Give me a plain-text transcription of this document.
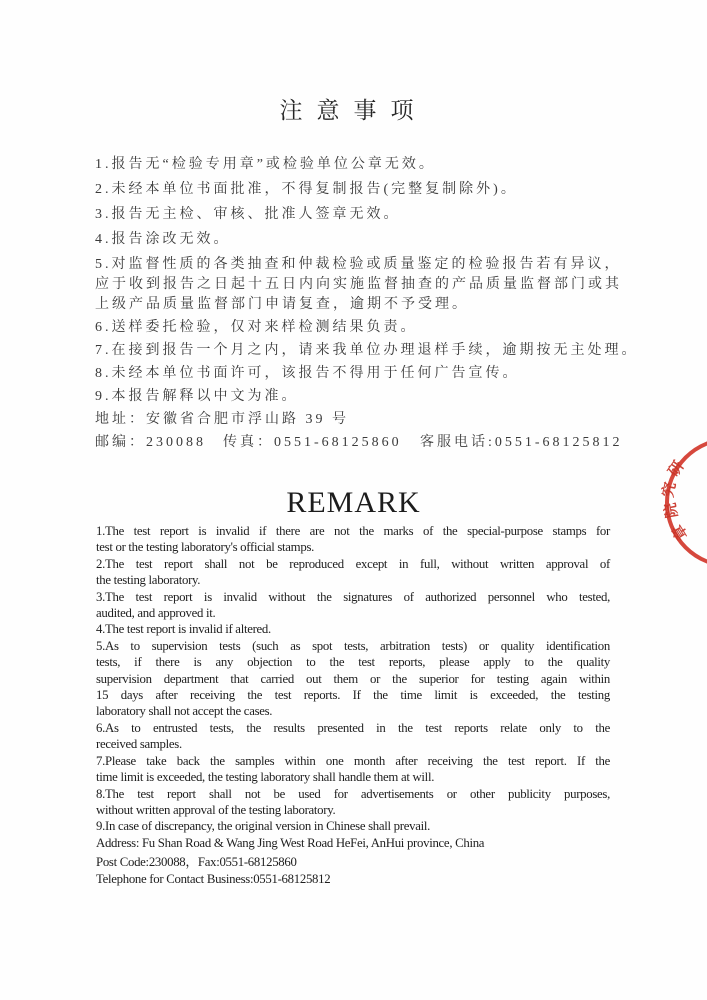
注意事项
1.报告无“检验专用章”或检验单位公章无效。
2.未经本单位书面批准，不得复制报告(完整复制除外)。
3.报告无主检、审核、批准人签章无效。
4.报告涂改无效。
5.对监督性质的各类抽查和仲裁检验或质量鉴定的检验报告若有异议，
应于收到报告之日起十五日内向实施监督抽查的产品质量监督部门或其
上级产品质量监督部门申请复查，逾期不予受理。
6.送样委托检验，仅对来样检测结果负责。
7.在接到报告一个月之内，请来我单位办理退样手续，逾期按无主处理。
8.未经本单位书面许可，该报告不得用于任何广告宣传。
9.本报告解释以中文为准。
地址：安徽省合肥市浮山路 39 号
邮编：230088　传真：0551-68125860 客服电话:0551-68125812
REMARK
1.The test report is invalid if there are not the marks of the special-purpose stamps for
test or the testing laboratory's official stamps.
2.The test report shall not be reproduced except in full, without written approval of
the testing laboratory.
3.The test report is invalid without the signatures of authorized personnel who tested,
audited, and approved it.
4.The test report is invalid if altered.
5.As to supervision tests (such as spot tests, arbitration tests) or quality identification
tests, if there is any objection to the test reports, please apply to the quality
supervision department that carried out them or the superior for testing again within
15 days after receiving the test reports. If the time limit is exceeded, the testing
laboratory shall not accept the cases.
6.As to entrusted tests, the results presented in the test reports relate only to the
received samples.
7.Please take back the samples within one month after receiving the test report. If the
time limit is exceeded, the testing laboratory shall handle them at will.
8.The test report shall not be used for advertisements or other publicity purposes,
without written approval of the testing laboratory.
9.In case of discrepancy, the original version in Chinese shall prevail.
Address: Fu Shan Road & Wang Jing West Road HeFei, AnHui province, China
Post Code:230088，Fax:0551-68125860
Telephone for Contact Business:0551-68125812
研
究
院
章
